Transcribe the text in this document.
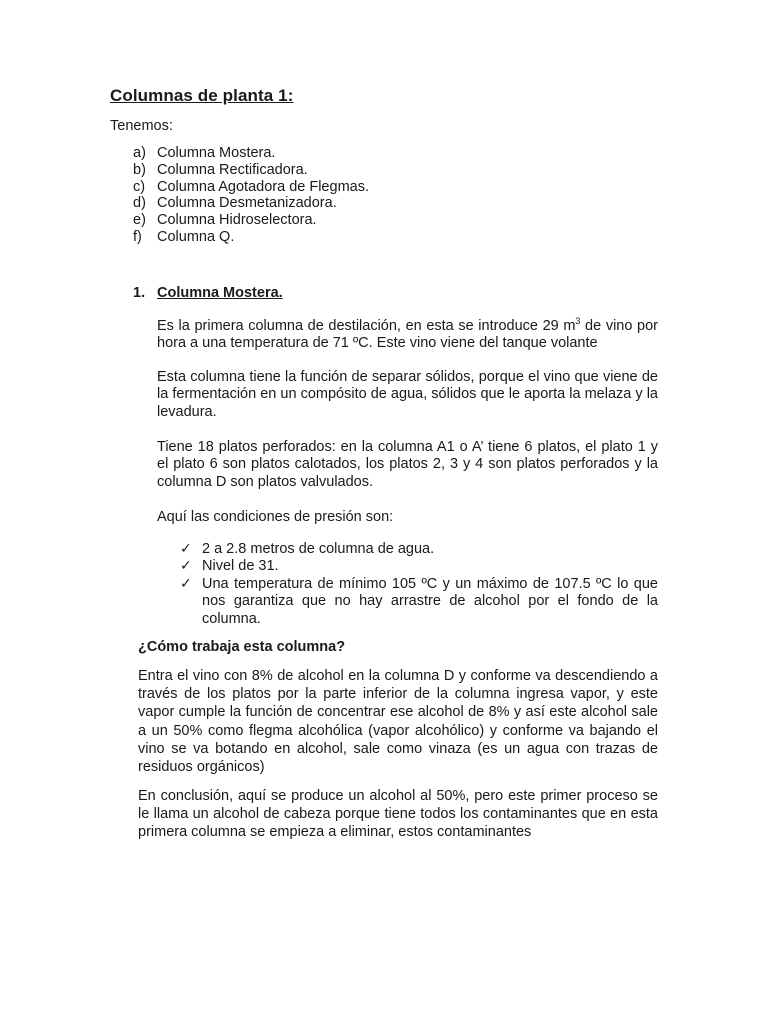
Columnas de planta 1:
Tenemos:
a) Columna Mostera.
b) Columna Rectificadora.
c) Columna Agotadora de Flegmas.
d) Columna Desmetanizadora.
e) Columna Hidroselectora.
f) Columna Q.
1. Columna Mostera.

Es la primera columna de destilación, en esta se introduce 29 $m^3$ de vino por hora a una temperatura de 71 ºC. Este vino viene del tanque volante

Esta columna tiene la función de separar sólidos, porque el vino que viene de la fermentación en un compósito de agua, sólidos que le aporta la melaza y la levadura.

Tiene 18 platos perforados: en la columna A1 o A’ tiene 6 platos, el plato 1 y el plato 6 son platos calotados, los platos 2, 3 y 4 son platos perforados y la columna D son platos valvulados.

Aquí las condiciones de presión son:

✓ 2 a 2.8 metros de columna de agua.
✓ Nivel de 31.
✓ Una temperatura de mínimo 105 ºC y un máximo de 107.5 ºC lo que nos garantiza que no hay arrastre de alcohol por el fondo de la columna.
¿Cómo trabaja esta columna?

Entra el vino con 8% de alcohol en la columna D y conforme va descendiendo a través de los platos por la parte inferior de la columna ingresa vapor, y este vapor cumple la función de concentrar ese alcohol de 8% y así este alcohol sale a un 50% como flegma alcohólica (vapor alcohólico) y conforme va bajando el vino se va botando en alcohol, sale como vinaza (es un agua con trazas de residuos orgánicos)

En conclusión, aquí se produce un alcohol al 50%, pero este primer proceso se le llama un alcohol de cabeza porque tiene todos los contaminantes que en esta primera columna se empieza a eliminar, estos contaminantes
